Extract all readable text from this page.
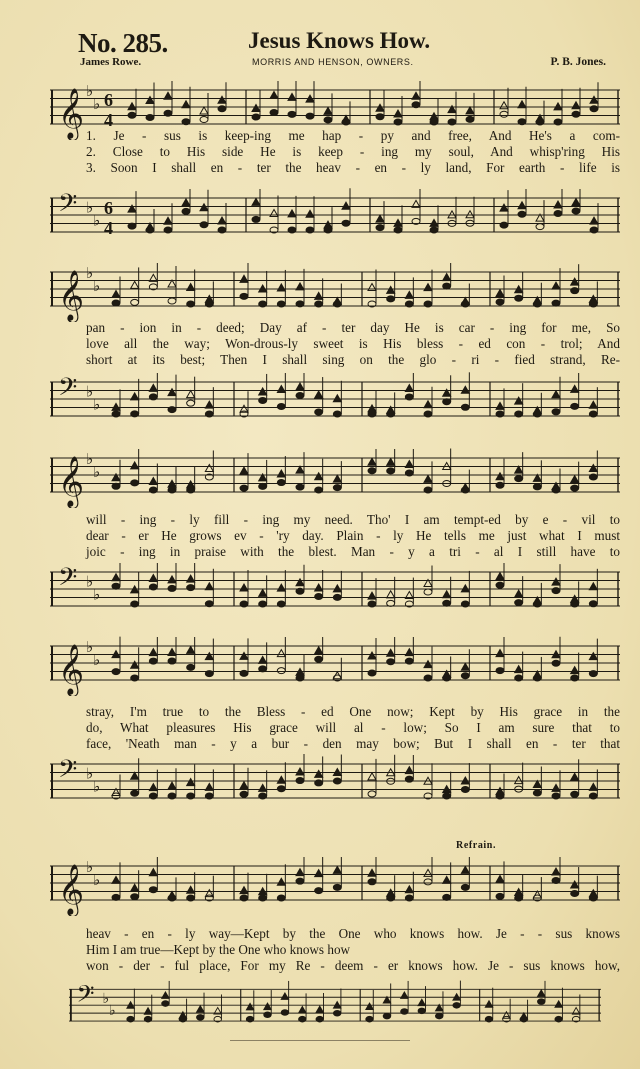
No. 285.	Jesus Knows How.
James Rowe.	MORRIS AND HENSON, OWNERS.	P. B. Jones.
𝄞 ♭
♭ 6
4
1. Je - sus is keep-ing me hap - py and free, And He's a com-
2. Close to His side He is keep - ing my soul, And whisp'ring His
3. Soon I shall en - ter the heav - en - ly land, For earth - life is
𝄢 ♭
♭
6
4
𝄞 ♭
♭
pan - ion in - deed; Day af - ter day He is car - ing for me, So
love all the way; Won-drous-ly sweet is His bless - ed con - trol; And
short at its best; Then I shall sing on the glo - ri - fied strand, Re-
𝄢 ♭
♭
𝄞 ♭
♭
will - ing - ly fill - ing my need. Tho' I am tempt-ed by e - vil to
dear - er He grows ev - 'ry day. Plain - ly He tells me just what I must
joic - ing in praise with the blest. Man - y a tri - al I still have to
𝄢 ♭
♭
𝄞 ♭
♭
stray, I'm true to the Bless - ed One now; Kept by His grace in the
do, What pleasures His grace will al - low; So I am sure that to
face, 'Neath man - y a bur - den may bow; But I shall en - ter that
𝄢 ♭
♭
Refrain.
𝄞 ♭
♭
heav - en - ly way—Kept by the One who knows how. Je - - sus knows
Him I am true—Kept by the One who knows how
won - der - ful place, For my Re - deem - er knows how. Je - sus knows how,
𝄢 ♭
♭
